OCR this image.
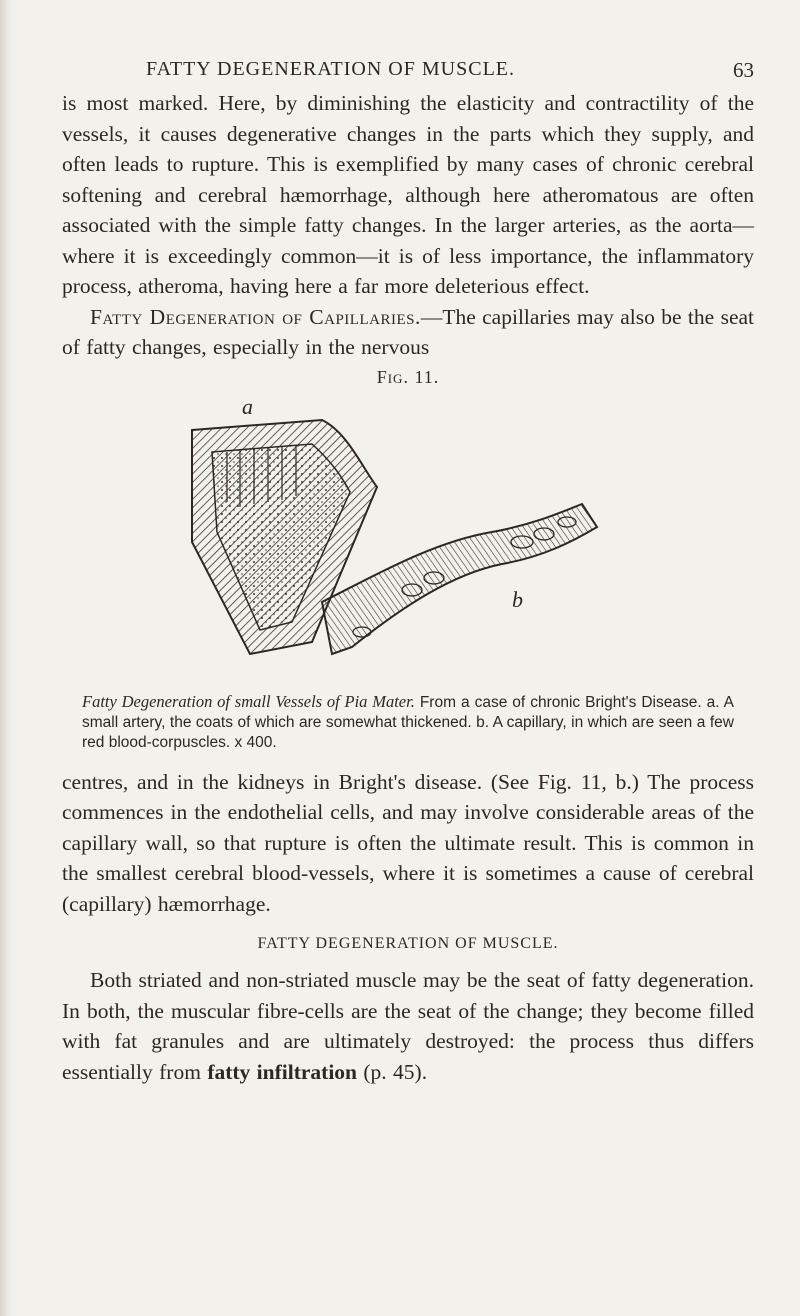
FATTY DEGENERATION OF MUSCLE.	63

is most marked. Here, by diminishing the elasticity and contractility of the vessels, it causes degenerative changes in the parts which they supply, and often leads to rupture. This is exemplified by many cases of chronic cerebral softening and cerebral hæmorrhage, although here atheromatous are often associated with the simple fatty changes. In the larger arteries, as the aorta—where it is exceedingly common—it is of less importance, the inflammatory process, atheroma, having here a far more deleterious effect.

Fatty Degeneration of Capillaries.—The capillaries may also be the seat of fatty changes, especially in the nervous

Fig. 11.
a
b

Fatty Degeneration of small Vessels of Pia Mater. From a case of chronic Bright's Disease. a. A small artery, the coats of which are somewhat thickened. b. A capillary, in which are seen a few red blood-corpuscles. x 400.

centres, and in the kidneys in Bright's disease. (See Fig. 11, b.) The process commences in the endothelial cells, and may involve considerable areas of the capillary wall, so that rupture is often the ultimate result. This is common in the smallest cerebral blood-vessels, where it is sometimes a cause of cerebral (capillary) hæmorrhage.

FATTY DEGENERATION OF MUSCLE.

Both striated and non-striated muscle may be the seat of fatty degeneration. In both, the muscular fibre-cells are the seat of the change; they become filled with fat granules and are ultimately destroyed: the process thus differs essentially from fatty infiltration (p. 45).
